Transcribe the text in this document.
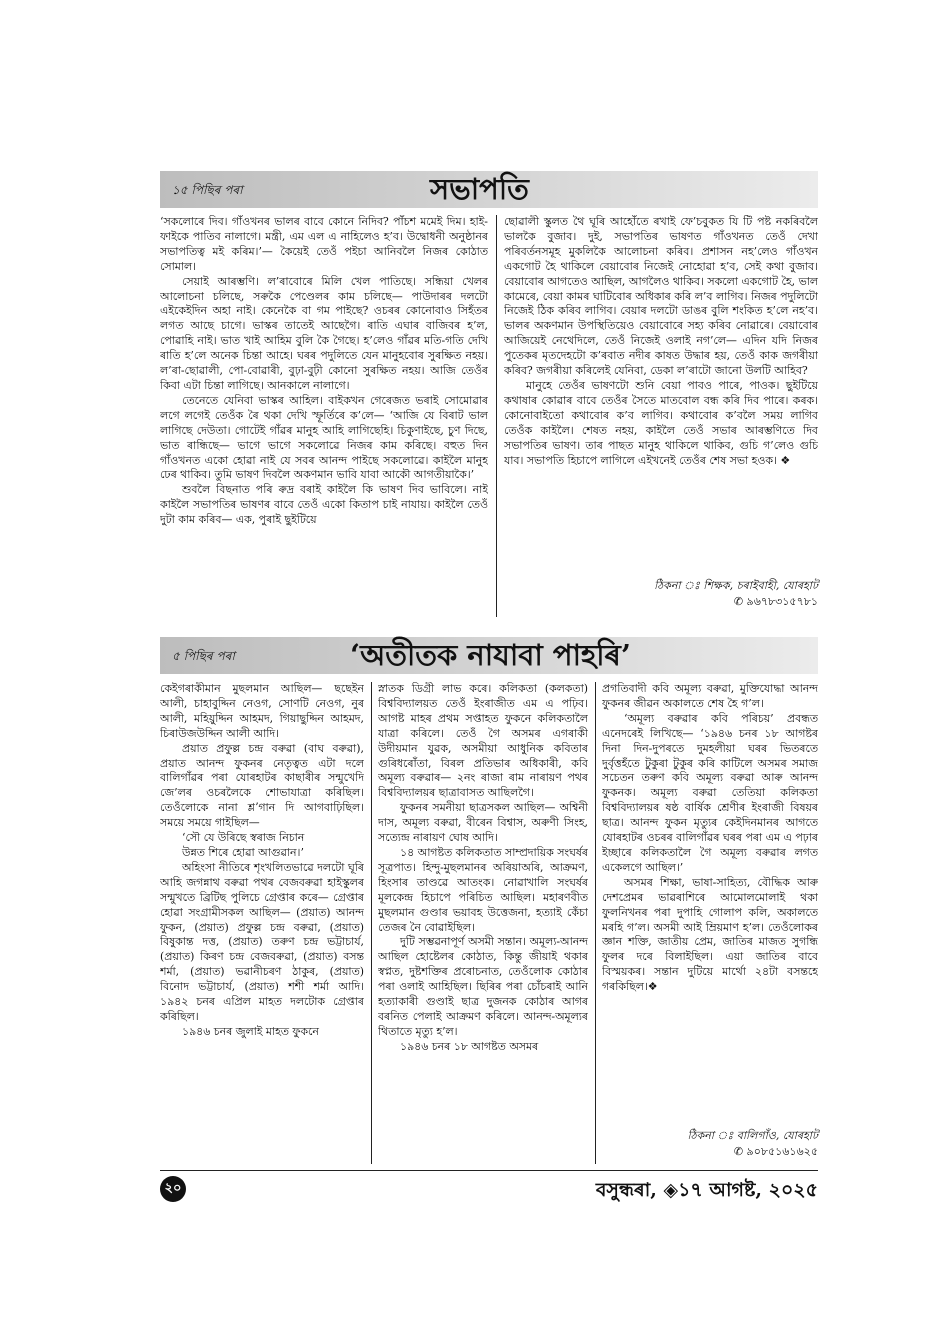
১৫ পিছিৰ পৰা	সভাপতি

‘সকলোৰে দিব। গাঁওখনৰ ভালৰ বাবে কোনে নিদিব? পাঁচশ মমেই দিম। হাই-ফাইকে পাতিব নালাগে। মন্ত্ৰী, এম এল এ নাহিলেও হ’ব। উদ্বোধনী অনুষ্ঠানৰ সভাপতিত্ব মই কৰিম।’— কৈয়েই তেওঁ পইচা আনিবলৈ নিজৰ কোঠাত সোমাল।

সেয়াই আৰম্ভণি। ল’ৰাবোৰে মিলি খেল পাতিছে। সন্ধিয়া খেলৰ আলোচনা চলিছে, সৰুকৈ পেণ্ডেলৰ কাম চলিছে— পাউদাৰৰ দলটো এইকেইদিন অহা নাই। কেনেকৈ বা গম পাইছে? ওচৰৰ কোনোবাও সিহঁতৰ লগত আছে চাগে। ভাস্কৰ তাতেই আছেগৈ। ৰাতি এঘাৰ বাজিবৰ হ’ল, পোৱাহি নাই। ভাত খাই আহিম বুলি কৈ গৈছে। হ’লেও গাঁৱৰ মতি-গতি দেখি ৰাতি হ’লে অনেক চিন্তা আহে। ঘৰৰ পদুলিতে যেন মানুহবোৰ সুৰক্ষিত নহয়। ল’ৰা-ছোৱালী, পো-বোৱাৰী, বুঢ়া-বুঢ়ী কোনো সুৰক্ষিত নহয়। আজি তেওঁৰ কিবা এটা চিন্তা লাগিছে। আনকালে নালাগে।

তেনেতে যেনিবা ভাস্কৰ আহিল। বাইকখন গেৰেজত ভৰাই সোমোৱাৰ লগে লগেই তেওঁক ৰৈ থকা দেখি স্ফূৰ্তিৰে ক’লে— ‘আজি যে বিৰাট ভাল লাগিছে দেউতা। গোটেই গাঁৱৰ মানুহ আহি লাগিছেহি। চিকুণাইছে, চুণ দিছে, ভাত ৰান্ধিছে— ভাগে ভাগে সকলোৱে নিজৰ কাম কৰিছে। বহুত দিন গাঁওখনত একো হোৱা নাই যে সবৰ আনন্দ পাইছে সকলোৱে। কাইলৈ মানুহ ঢেৰ থাকিব। তুমি ভাষণ দিবলৈ অকণমান ভাবি যাবা আকৌ আগতীয়াকৈ।’

শুবলৈ বিছনাত পৰি ৰুদ্ৰ বৰাই কাইলৈ কি ভাষণ দিব ভাবিলে। নাই কাইলৈ সভাপতিৰ ভাষণৰ বাবে তেওঁ একো কিতাপ চাই নাযায়। কাইলৈ তেওঁ দুটা কাম কৰিব— এক, পুৰাই ছুইটিয়ে

ছোৱালী স্কুলত থৈ ঘূৰি আহোঁতে ৰখাই ফে’চবুকত যি টি পষ্ট নকৰিবলৈ ভালকৈ বুজাব। দুই, সভাপতিৰ ভাষণত গাঁওখনত তেওঁ দেখা পৰিবৰ্তনসমূহ মুকলিকৈ আলোচনা কৰিব। প্ৰশাসন নহ’লেও গাঁওখন একগোট হৈ থাকিলে বেয়াবোৰ নিজেই নোহোৱা হ’ব, সেই কথা বুজাব। বেয়াবোৰ আগতেও আছিল, আগলৈও থাকিব। সকলো একগোট হৈ, ভাল কামেৰে, বেয়া কামৰ ঘাটিবোৰ অধিকাৰ কৰি ল’ব লাগিব। নিজৰ পদুলিটো নিজেই ঠিক কৰিব লাগিব। বেয়াৰ দলটো ডাঙৰ বুলি শংকিত হ’লে নহ’ব। ভালৰ অকণমান উপস্থিতিয়েও বেয়াবোৰে সহ্য কৰিব নোৱাৰে। বেয়াবোৰ আজিয়েই নেথেদিলে, তেওঁ নিজেই ওলাই নগ’লে— এদিন যদি নিজৰ পুতেকৰ মৃতদেহটো ক’ৰবাত নদীৰ কাষত উদ্ধাৰ হয়, তেওঁ কাক জগৰীয়া কৰিব? জগৰীয়া কৰিলেই যেনিবা, ডেকা ল’ৰাটো জানো উলটি আহিব?

মানুহে তেওঁৰ ভাষণটো শুনি বেয়া পাবও পাৰে, পাওক। ছুইটিয়ে কথাষাৰ কোৱাৰ বাবে তেওঁৰ সৈতে মাতবোল বন্ধ কৰি দিব পাৰে। কৰক। কোনোবাইতো কথাবোৰ ক’ব লাগিব। কথাবোৰ ক’বলৈ সময় লাগিব তেওঁক কাইলৈ। শেষত নহয়, কাইলৈ তেওঁ সভাৰ আৰম্ভণিতে দিব সভাপতিৰ ভাষণ। তাৰ পাছত মানুহ থাকিলে থাকিব, গুচি গ’লেও গুচি যাব। সভাপতি হিচাপে লাগিলে এইখনেই তেওঁৰ শেষ সভা হওক। ❖

ঠিকনা ঃ শিক্ষক, চৰাইবাহী, যোৰহাট
✆ ৯৬৭৮৩১৫৭৮১
৫ পিছিৰ পৰা	‘অতীতক নাযাবা পাহৰি’

কেইগৰাকীমান মুছলমান আছিল— ছছেইন আলী, চাহাবুদ্দিন নেওগ, সোণটি নেওগ, নুৰ আলী, মহিয়ুদ্দিন আহমদ, গিয়াছুদ্দিন আহমদ, চিৰাউজউদ্দিন আলী আদি।

প্ৰয়াত প্ৰফুল্ল চন্দ্ৰ বৰুৱা (বাঘ বৰুৱা), প্ৰয়াত আনন্দ ফুকনৰ নেতৃত্বত এটা দলে বালিগাঁৱৰ পৰা যোৰহাটৰ কাছাৰীৰ সন্মুখেদি জে’লৰ ওচৰলৈকে শোভাযাত্ৰা কৰিছিল। তেওঁলোকে নানা শ্লʼগান দি আগবাঢ়িছিল। সময়ে সময়ে গাইছিল—

‘সৌ যে উৰিছে স্বৰাজ নিচান

উন্নত শিৰে হোৱা আগুৱান।’

অহিংসা নীতিৰে শৃংখলিতভাৱে দলটো ঘূৰি আহি জগন্নাথ বৰুৱা পথৰ বেজবৰুৱা হাইস্কুলৰ সন্মুখতে ব্ৰিটিছ পুলিচে গ্ৰেপ্তাৰ কৰে— গ্ৰেপ্তাৰ হোৱা সংগ্ৰামীসকল আছিল— (প্ৰয়াত) আনন্দ ফুকন, (প্ৰয়াত) প্ৰফুল্ল চন্দ্ৰ বৰুৱা, (প্ৰয়াত) বিষুকান্ত দত্ত, (প্ৰয়াত) তৰুণ চন্দ্ৰ ভট্টাচাৰ্য, (প্ৰয়াত) কিৰণ চন্দ্ৰ বেজবৰুৱা, (প্ৰয়াত) বসন্ত শৰ্মা, (প্ৰয়াত) ভৱানীচৰণ ঠাকুৰ, (প্ৰয়াত) বিনোদ ভট্টাচাৰ্য, (প্ৰয়াত) শশী শৰ্মা আদি। ১৯৪২ চনৰ এপ্ৰিল মাহত দলটোক গ্ৰেপ্তাৰ কৰিছিল।

১৯৪৬ চনৰ জুলাই মাহত ফুকনে

স্নাতক ডিগ্ৰী লাভ কৰে। কলিকতা (কলকতা) বিশ্ববিদ্যালয়ত তেওঁ ইংৰাজীত এম এ পঢ়িব। আগষ্ট মাহৰ প্ৰথম সপ্তাহত ফুকনে কলিকতালৈ যাত্ৰা কৰিলে। তেওঁ গৈ অসমৰ এগৰাকী উদীয়মান যুৱক, অসমীয়া আধুনিক কবিতাৰ গুৰিধৰোঁতা, বিৰল প্ৰতিভাৰ অধিকাৰী, কবি অমূল্য বৰুৱাৰ— ২নং ৰাজা ৰাম নাৰায়ণ পথৰ বিশ্ববিদ্যালয়ৰ ছাত্ৰাবাসত আছিলগৈ।

ফুকনৰ সমনীয়া ছাত্ৰসকল আছিল— অশ্বিনী দাস, অমূল্য বৰুৱা, বীৰেন বিশ্বাস, অৰুণী সিংহ, সত্যেন্দ্ৰ নাৰায়ণ ঘোষ আদি।

১৪ আগষ্টত কলিকতাত সাম্প্ৰদায়িক সংঘৰ্ষৰ সূত্ৰপাত। হিন্দু-মুছলমানৰ অৰিয়াঅৰি, আক্ৰমণ, হিংসাৰ তাণ্ডৱে আতংক। নোৱাখালি সংঘৰ্ষৰ মূলকেন্দ্ৰ হিচাপে পৰিচিত আছিল। মহাৰণবীত মুছলমান গুণ্ডাৰ ভয়াবহ উত্তেজনা, হত্যাই কেঁচা তেজৰ নৈ বোৱাইছিল।

দুটি সম্ভৱনাপূৰ্ণ অসমী সন্তান। অমূল্য-আনন্দ আছিল হোষ্টেলৰ কোঠাত, কিন্তু জীয়াই থকাৰ স্বপ্নত, দুষ্টশক্তিৰ প্ৰৰোচনাত, তেওঁলোক কোঠাৰ পৰা ওলাই আহিছিল। ছিৰিৰ পৰা চোঁচৰাই আনি হত্যাকাৰী গুণ্ডাই ছাত্ৰ দুজনক কোঠাৰ আগৰ বৰনিত পেলাই আক্ৰমণ কৰিলে। আনন্দ-অমূল্যৰ থিতাতে মৃত্যু হ’ল।

১৯৪৬ চনৰ ১৮ আগষ্টত অসমৰ

প্ৰগতিবাদী কবি অমূল্য বৰুৱা, মুক্তিযোদ্ধা আনন্দ ফুকনৰ জীৱন অকালতে শেষ হৈ গ’ল।

‘অমূল্য বৰুৱাৰ কবি পৰিচয়’ প্ৰবন্ধত এনেদৰেই লিখিছে— ‘১৯৪৬ চনৰ ১৮ আগষ্টৰ দিনা দিন-দুপৰতে দুমহলীয়া ঘৰৰ ভিতৰতে দুৰ্বৃত্তহঁতে টুকুৰা টুকুৰ কৰি কাটিলে অসমৰ সমাজ সচেতন তৰুণ কবি অমূল্য বৰুৱা আৰু আনন্দ ফুকনক। অমূল্য বৰুৱা তেতিয়া কলিকতা বিশ্ববিদ্যালয়ৰ ষষ্ঠ বাৰ্ষিক শ্ৰেণীৰ ইংৰাজী বিষয়ৰ ছাত্ৰ। আনন্দ ফুকন মৃত্যুৰ কেইদিনমানৰ আগতে যোৰহাটৰ ওচৰৰ বালিগাঁৱৰ ঘৰৰ পৰা এম এ পঢ়াৰ ইচ্ছাৰে কলিকতালৈ গৈ অমূল্য বৰুৱাৰ লগত একেলগে আছিল।’

অসমৰ শিক্ষা, ভাষা-সাহিত্য, বৌদ্ধিক আৰু দেশপ্ৰেমৰ ভাৱৰাশিৰে আমোলমোলাই থকা ফুলনিখনৰ পৰা দুপাহি গোলাপ কলি, অকালতে মৰহি গ’ল। অসমী আই ম্ৰিয়মাণ হ’ল। তেওঁলোকৰ জ্ঞান শক্তি, জাতীয় প্ৰেম, জাতিৰ মাজত সুগন্ধি ফুলৰ দৰে বিলাইছিল। এয়া জাতিৰ বাবে বিস্ময়কৰ। সন্তান দুটিয়ে মাৰ্থো ২৪টা বসন্তহে গৰকিছিল।❖

ঠিকনা ঃ বালিগাঁও, যোৰহাট
✆ ৯০৮৫১৬১৬২৫
২০	বসুন্ধৰা, ◈১৭ আগষ্ট, ২০২৫
